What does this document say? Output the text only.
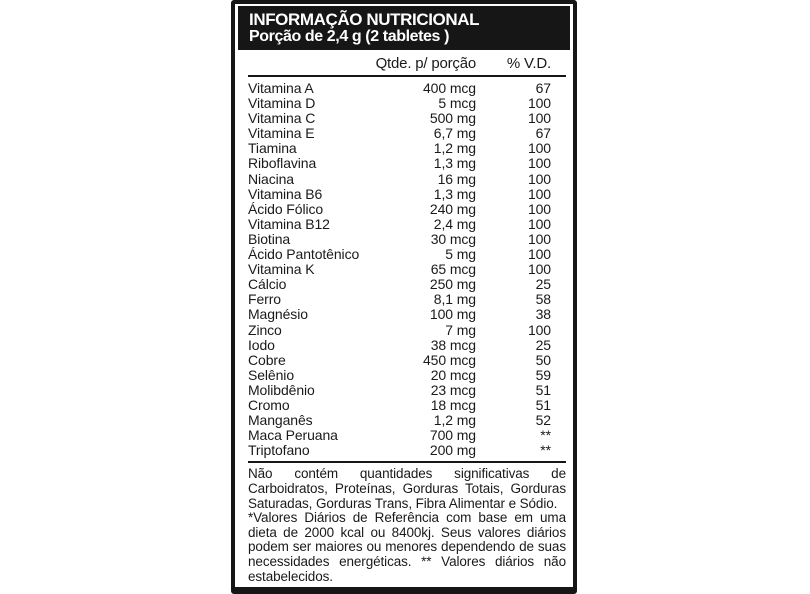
INFORMAÇÃO NUTRICIONAL
Porção de 2,4 g (2 tabletes )
Qtde. p/ porção	% V.D.
Vitamina A	400 mcg	67
Vitamina D	5 mcg	100
Vitamina C	500 mg	100
Vitamina E	6,7 mg	67
Tiamina	1,2 mg	100
Riboflavina	1,3 mg	100
Niacina	16 mg	100
Vitamina B6	1,3 mg	100
Ácido Fólico	240 mg	100
Vitamina B12	2,4 mg	100
Biotina	30 mcg	100
Ácido Pantotênico	5 mg	100
Vitamina K	65 mcg	100
Cálcio	250 mg	25
Ferro	8,1 mg	58
Magnésio	100 mg	38
Zinco	7 mg	100
Iodo	38 mcg	25
Cobre	450 mcg	50
Selênio	20 mcg	59
Molibdênio	23 mcg	51
Cromo	18 mcg	51
Manganês	1,2 mg	52
Maca Peruana	700 mg	**
Triptofano	200 mg	**

Não contém quantidades significativas de Carboidratos, Proteínas, Gorduras Totais, Gorduras Saturadas, Gorduras Trans, Fibra Alimentar e Sódio.

*Valores Diários de Referência com base em uma dieta de 2000 kcal ou 8400kj. Seus valores diários podem ser maiores ou menores dependendo de suas necessidades energéticas. ** Valores diários não estabelecidos.
